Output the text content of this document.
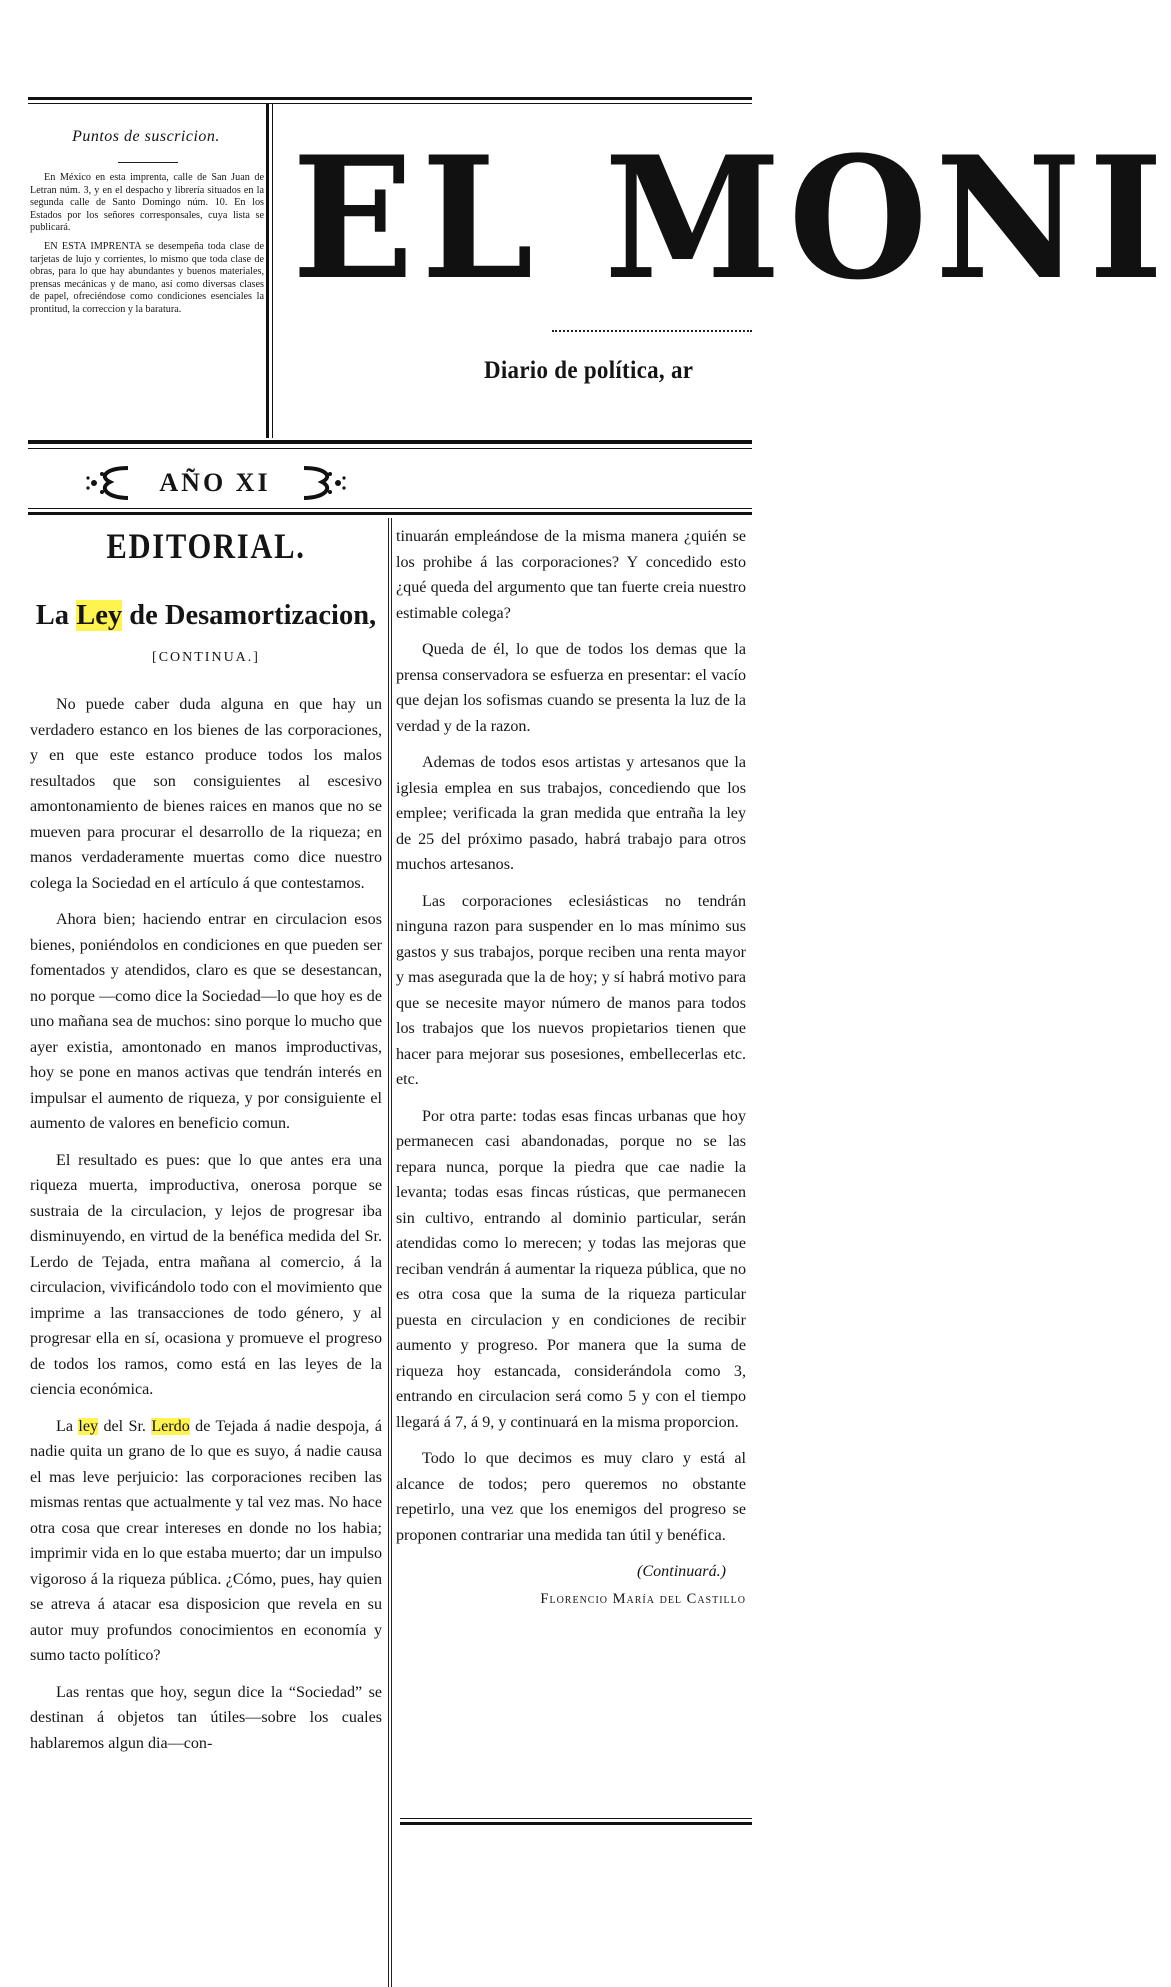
Puntos de suscricion.

En México en esta imprenta, calle de San Juan de Letran núm. 3, y en el despacho y librería situados en la segunda calle de Santo Domingo núm. 10. En los Estados por los señores corresponsales, cuya lista se publicará.

EN ESTA IMPRENTA se desempeña toda clase de tarjetas de lujo y corrientes, lo mismo que toda clase de obras, para lo que hay abundantes y buenos materiales, prensas mecánicas y de mano, así como diversas clases de papel, ofreciéndose como condiciones esenciales la prontitud, la correccion y la baratura. EL MONI
Diario de política, ar
AÑO XI
EDITORIAL.
La Ley de Desamortizacion,
[CONTINUA.]

No puede caber duda alguna en que hay un verdadero estanco en los bienes de las corporaciones, y en que este estanco produce todos los malos resultados que son consiguientes al escesivo amontonamiento de bienes raices en manos que no se mueven para procurar el desarrollo de la riqueza; en manos verdaderamente muertas como dice nuestro colega la Sociedad en el artículo á que contestamos.

Ahora bien; haciendo entrar en circulacion esos bienes, poniéndolos en condiciones en que pueden ser fomentados y atendidos, claro es que se desestancan, no porque —como dice la Sociedad—lo que hoy es de uno mañana sea de muchos: sino porque lo mucho que ayer existia, amontonado en manos improductivas, hoy se pone en manos activas que tendrán interés en impulsar el aumento de riqueza, y por consiguiente el aumento de valores en beneficio comun.

El resultado es pues: que lo que antes era una riqueza muerta, improductiva, onerosa porque se sustraia de la circulacion, y lejos de progresar iba disminuyendo, en virtud de la benéfica medida del Sr. Lerdo de Tejada, entra mañana al comercio, á la circulacion, vivificándolo todo con el movimiento que imprime a las transacciones de todo género, y al progresar ella en sí, ocasiona y promueve el progreso de todos los ramos, como está en las leyes de la ciencia económica.

La ley del Sr. Lerdo de Tejada á nadie despoja, á nadie quita un grano de lo que es suyo, á nadie causa el mas leve perjuicio: las corporaciones reciben las mismas rentas que actualmente y tal vez mas. No hace otra cosa que crear intereses en donde no los habia; imprimir vida en lo que estaba muerto; dar un impulso vigoroso á la riqueza pública. ¿Cómo, pues, hay quien se atreva á atacar esa disposicion que revela en su autor muy profundos conocimientos en economía y sumo tacto político?

Las rentas que hoy, segun dice la “Sociedad” se destinan á objetos tan útiles—sobre los cuales hablaremos algun dia—con-

tinuarán empleándose de la misma manera ¿quién se los prohibe á las corporaciones? Y concedido esto ¿qué queda del argumento que tan fuerte creia nuestro estimable colega?

Queda de él, lo que de todos los demas que la prensa conservadora se esfuerza en presentar: el vacío que dejan los sofismas cuando se presenta la luz de la verdad y de la razon.

Ademas de todos esos artistas y artesanos que la iglesia emplea en sus trabajos, concediendo que los emplee; verificada la gran medida que entraña la ley de 25 del próximo pasado, habrá trabajo para otros muchos artesanos.

Las corporaciones eclesiásticas no tendrán ninguna razon para suspender en lo mas mínimo sus gastos y sus trabajos, porque reciben una renta mayor y mas asegurada que la de hoy; y sí habrá motivo para que se necesite mayor número de manos para todos los trabajos que los nuevos propietarios tienen que hacer para mejorar sus posesiones, embellecerlas etc. etc.

Por otra parte: todas esas fincas urbanas que hoy permanecen casi abandonadas, porque no se las repara nunca, porque la piedra que cae nadie la levanta; todas esas fincas rústicas, que permanecen sin cultivo, entrando al dominio particular, serán atendidas como lo merecen; y todas las mejoras que reciban vendrán á aumentar la riqueza pública, que no es otra cosa que la suma de la riqueza particular puesta en circulacion y en condiciones de recibir aumento y progreso. Por manera que la suma de riqueza hoy estancada, considerándola como 3, entrando en circulacion será como 5 y con el tiempo llegará á 7, á 9, y continuará en la misma proporcion.

Todo lo que decimos es muy claro y está al alcance de todos; pero queremos no obstante repetirlo, una vez que los enemigos del progreso se proponen contrariar una medida tan útil y benéfica.

(Continuará.)

Florencio María del Castillo
